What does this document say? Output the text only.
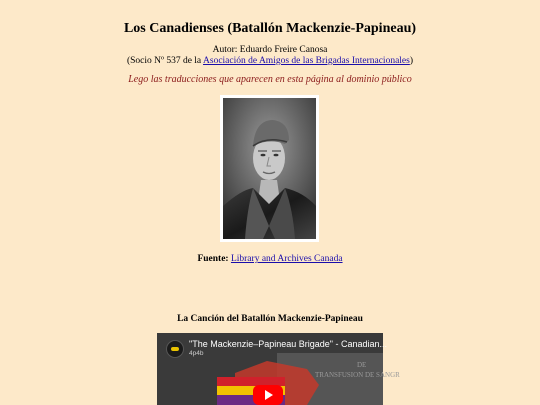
Los Canadienses (Batallón Mackenzie-Papineau)
Autor: Eduardo Freire Canosa
(Socio Nº 537 de la Asociación de Amigos de las Brigadas Internacionales)
Lego las traducciones que aparecen en esta página al dominio público
Fuente: Library and Archives Canada
La Canción del Batallón Mackenzie-Papineau
DE
TRANSFUSION DE SANGR
"The Mackenzie–Papineau Brigade" - Canadian...
4p4b
